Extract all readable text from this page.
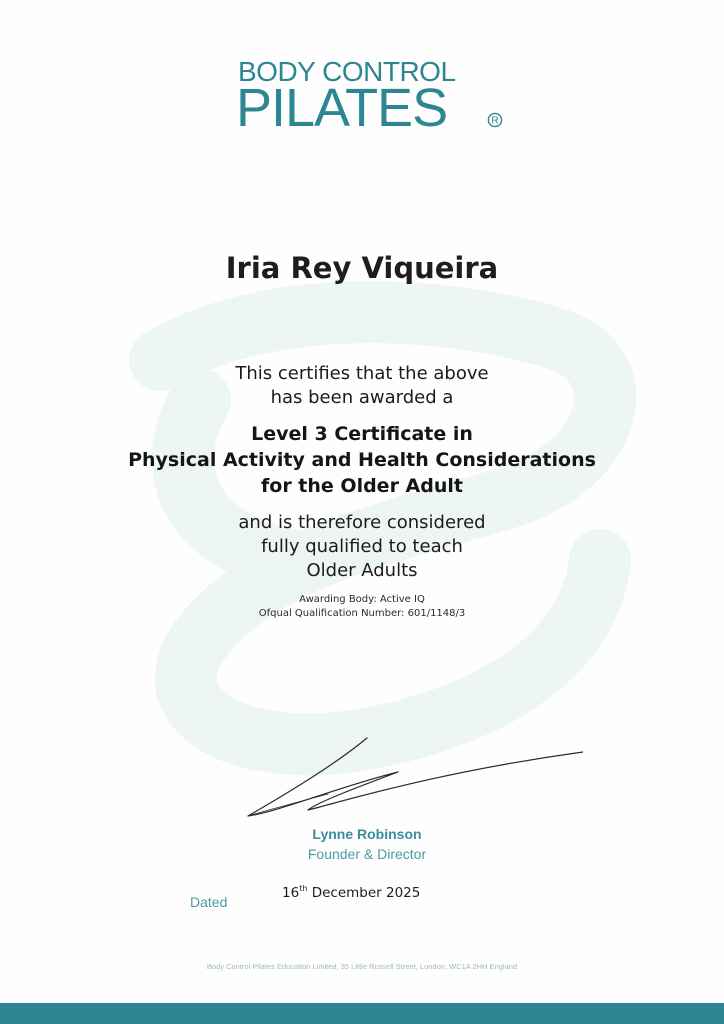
BODY CONTROL
PILATES	R
Iria Rey Viqueira
This certifies that the above
has been awarded a
Level 3 Certificate in
Physical Activity and Health Considerations
for the Older Adult
and is therefore considered
fully qualified to teach
Older Adults
Awarding Body: Active IQ
Ofqual Qualification Number: 601/1148/3
Lynne Robinson
Founder & Director
Dated
16th December 2025
Body Control Pilates Education Limited, 35 Little Russell Street, London, WC1A 2HH England
